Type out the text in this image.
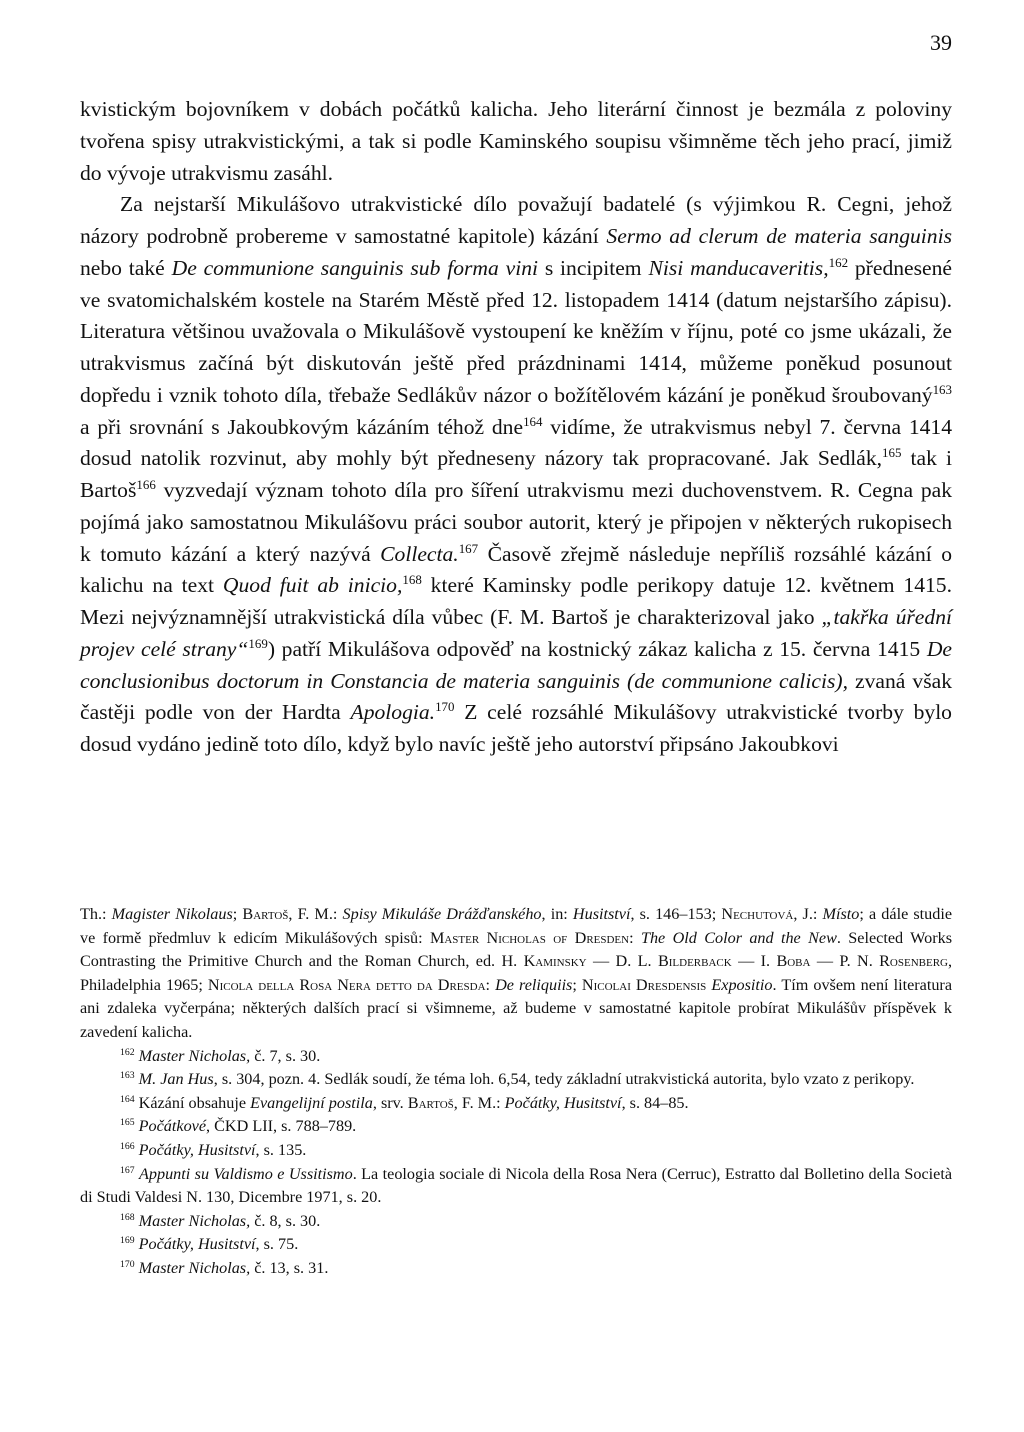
39

kvistickým bojovníkem v dobách počátků kalicha. Jeho literární činnost je bezmála z poloviny tvořena spisy utrakvistickými, a tak si podle Kaminského soupisu všimněme těch jeho prací, jimiž do vývoje utrakvismu zasáhl.

Za nejstarší Mikulášovo utrakvistické dílo považují badatelé (s výjimkou R. Cegni, jehož názory podrobně probereme v samostatné kapitole) kázání Sermo ad clerum de materia sanguinis nebo také De communione sanguinis sub forma vini s incipitem Nisi manducaveritis,$^{162}$ přednesené ve svatomichalském kostele na Starém Městě před 12. listopadem 1414 (datum nejstaršího zápisu). Literatura většinou uvažovala o Mikulášově vystoupení ke kněžím v říjnu, poté co jsme ukázali, že utrakvismus začíná být diskutován ještě před prázdninami 1414, můžeme poněkud posunout dopředu i vznik tohoto díla, třebaže Sedlákův názor o božítělovém kázání je poněkud šroubovaný$^{163}$ a při srovnání s Jakoubkovým kázáním téhož dne$^{164}$ vidíme, že utrakvismus nebyl 7. června 1414 dosud natolik rozvinut, aby mohly být předneseny názory tak propracované. Jak Sedlák,$^{165}$ tak i Bartoš$^{166}$ vyzvedají význam tohoto díla pro šíření utrakvismu mezi duchovenstvem. R. Cegna pak pojímá jako samostatnou Mikulášovu práci soubor autorit, který je připojen v některých rukopisech k tomuto kázání a který nazývá Collecta.$^{167}$ Časově zřejmě následuje nepříliš rozsáhlé kázání o kalichu na text Quod fuit ab inicio,$^{168}$ které Kaminsky podle perikopy datuje 12. květnem 1415. Mezi nejvýznamnější utrakvistická díla vůbec (F. M. Bartoš je charakterizoval jako „takřka úřední projev celé strany“$^{169}$) patří Mikulášova odpověď na kostnický zákaz kalicha z 15. června 1415 De conclusionibus doctorum in Constancia de materia sanguinis (de communione calicis), zvaná však častěji podle von der Hardta Apologia.$^{170}$ Z celé rozsáhlé Mikulášovy utrakvistické tvorby bylo dosud vydáno jedině toto dílo, když bylo navíc ještě jeho autorství připsáno Jakoubkovi

Th.: Magister Nikolaus; Bartoš, F. M.: Spisy Mikuláše Drážďanského, in: Husitství, s. 146–153; Nechutová, J.: Místo; a dále studie ve formě předmluv k edicím Mikulášových spisů: Master Nicholas of Dresden: The Old Color and the New. Selected Works Contrasting the Primitive Church and the Roman Church, ed. H. Kaminsky — D. L. Bilderback — I. Boba — P. N. Rosenberg, Philadelphia 1965; Nicola della Rosa Nera detto da Dresda: De reliquiis; Nicolai Dresdensis Expositio. Tím ovšem není literatura ani zdaleka vyčerpána; některých dalších prací si všimneme, až budeme v samostatné kapitole probírat Mikulášův příspěvek k zavedení kalicha.

$^{162}$ Master Nicholas, č. 7, s. 30.

$^{163}$ M. Jan Hus, s. 304, pozn. 4. Sedlák soudí, že téma loh. 6,54, tedy základní utrakvistická autorita, bylo vzato z perikopy.

$^{164}$ Kázání obsahuje Evangelijní postila, srv. Bartoš, F. M.: Počátky, Husitství, s. 84–85.

$^{165}$ Počátkové, ČKD LII, s. 788–789.

$^{166}$ Počátky, Husitství, s. 135.

$^{167}$ Appunti su Valdismo e Ussitismo. La teologia sociale di Nicola della Rosa Nera (Cerruc), Estratto dal Bolletino della Società di Studi Valdesi N. 130, Dicembre 1971, s. 20.

$^{168}$ Master Nicholas, č. 8, s. 30.

$^{169}$ Počátky, Husitství, s. 75.

$^{170}$ Master Nicholas, č. 13, s. 31.
